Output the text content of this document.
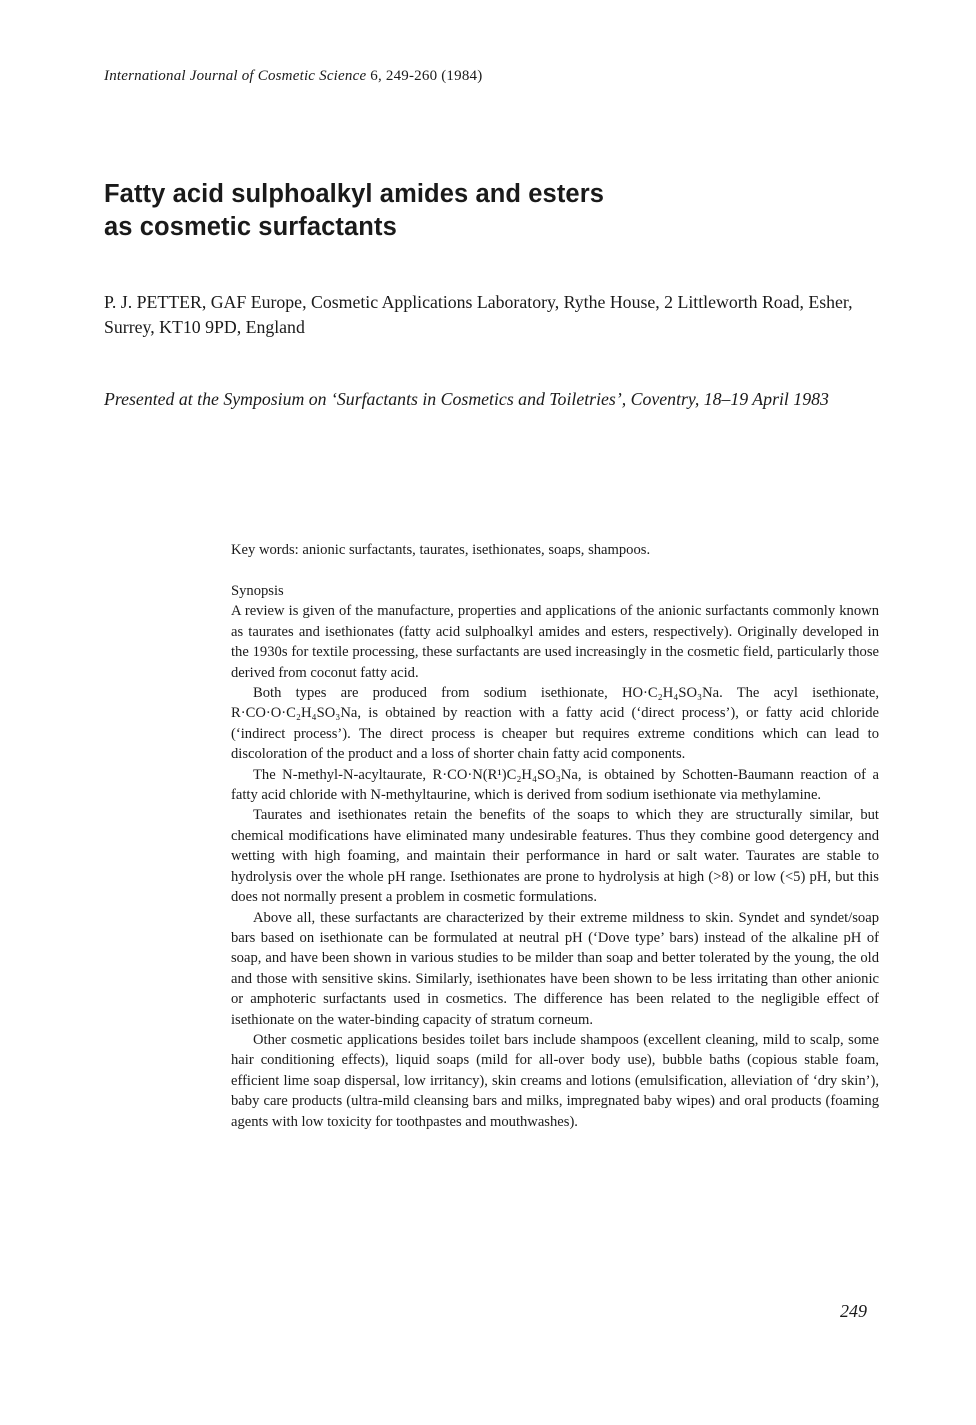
International Journal of Cosmetic Science 6, 249-260 (1984)
Fatty acid sulphoalkyl amides and esters
as cosmetic surfactants
P. J. PETTER, GAF Europe, Cosmetic Applications Laboratory, Rythe House, 2 Littleworth Road, Esher, Surrey, KT10 9PD, England
Presented at the Symposium on ‘Surfactants in Cosmetics and Toiletries’, Coventry, 18–19 April 1983
Key words: anionic surfactants, taurates, isethionates, soaps, shampoos.
Synopsis

A review is given of the manufacture, properties and applications of the anionic surfactants commonly known as taurates and isethionates (fatty acid sulphoalkyl amides and esters, respectively). Originally developed in the 1930s for textile processing, these surfactants are used increasingly in the cosmetic field, particularly those derived from coconut fatty acid.

Both types are produced from sodium isethionate, HO·C₂H₄SO₃Na. The acyl isethionate, R·CO·O·C₂H₄SO₃Na, is obtained by reaction with a fatty acid (‘direct process’), or fatty acid chloride (‘indirect process’). The direct process is cheaper but requires extreme conditions which can lead to discoloration of the product and a loss of shorter chain fatty acid components.

The N-methyl-N-acyltaurate, R·CO·N(R¹)C₂H₄SO₃Na, is obtained by Schotten-Baumann reaction of a fatty acid chloride with N-methyltaurine, which is derived from sodium isethionate via methylamine.

Taurates and isethionates retain the benefits of the soaps to which they are structurally similar, but chemical modifications have eliminated many undesirable features. Thus they combine good detergency and wetting with high foaming, and maintain their performance in hard or salt water. Taurates are stable to hydrolysis over the whole pH range. Isethionates are prone to hydrolysis at high (>8) or low (<5) pH, but this does not normally present a problem in cosmetic formulations.

Above all, these surfactants are characterized by their extreme mildness to skin. Syndet and syndet/soap bars based on isethionate can be formulated at neutral pH (‘Dove type’ bars) instead of the alkaline pH of soap, and have been shown in various studies to be milder than soap and better tolerated by the young, the old and those with sensitive skins. Similarly, isethionates have been shown to be less irritating than other anionic or amphoteric surfactants used in cosmetics. The difference has been related to the negligible effect of isethionate on the water-binding capacity of stratum corneum.

Other cosmetic applications besides toilet bars include shampoos (excellent cleaning, mild to scalp, some hair conditioning effects), liquid soaps (mild for all-over body use), bubble baths (copious stable foam, efficient lime soap dispersal, low irritancy), skin creams and lotions (emulsification, alleviation of ‘dry skin’), baby care products (ultra-mild cleansing bars and milks, impregnated baby wipes) and oral products (foaming agents with low toxicity for toothpastes and mouthwashes).

249
